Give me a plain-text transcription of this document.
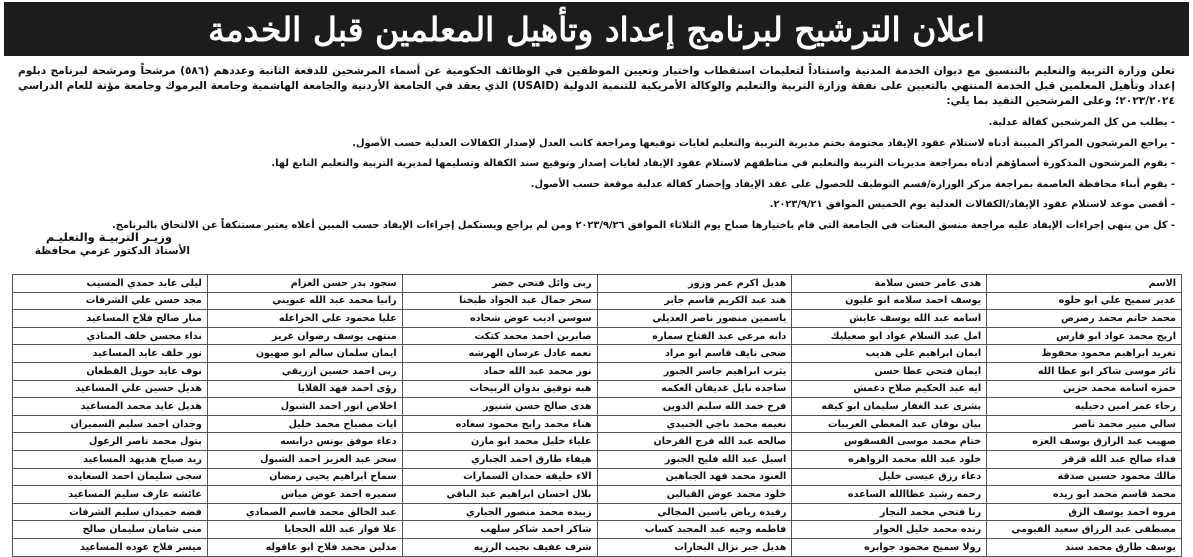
اعلان الترشيح لبرنامج إعداد وتأهيل المعلمين قبل الخدمة

تعلن وزارة التربية والتعليم بالتنسيق مع ديوان الخدمة المدنية واستناداً لتعليمات استقطاب واختيار وتعيين الموظفين في الوظائف الحكومية عن أسماء المرشحين للدفعة الثانية وعددهم (٥٨٦) مرشحاً ومرشحة لبرنامج دبلوم إعداد وتأهيل المعلمين قبل الخدمة المنتهي بالتعيين على نفقة وزارة التربية والتعليم والوكالة الأمريكية للتنمية الدولية (USAID) الذي يعقد في الجامعة الأردنية والجامعة الهاشمية وجامعة اليرموك وجامعة مؤتة للعام الدراسي ٢٠٢٣/٢٠٢٤؛ وعلى المرشحين التقيد بما يلي:

- يطلب من كل المرشحين كفالة عدلية.
- يراجع المرشحون المراكز المبينة أدناه لاستلام عقود الإيفاد مختومة بختم مديرية التربية والتعليم لغايات توقيعها ومراجعة كاتب العدل لإصدار الكفالات العدلية حسب الأصول.
- يقوم المرشحون المذكورة أسماؤهم أدناه بمراجعة مديريات التربية والتعليم في مناطقهم لاستلام عقود الإيفاد لغايات إصدار وتوقيع سند الكفالة وتسليمها لمديرية التربية والتعليم التابع لها.
- يقوم أبناء محافظة العاصمة بمراجعة مركز الوزارة/قسم التوظيف للحصول على عقد الإيفاد وإحضار كفالة عدلية موقعة حسب الأصول.
- أقصى موعد لاستلام عقود الإيفاد/الكفالات العدلية يوم الخميس الموافق ٢٠٢٣/٩/٢١.
- كل من ينهي إجراءات الإيفاد عليه مراجعة منسق البعثات في الجامعة التي قام باختيارها صباح يوم الثلاثاء الموافق ٢٠٢٣/٩/٢٦ ومن لم يراجع ويستكمل إجراءات الإيفاد حسب المبين أعلاه يعتبر مستنكفاً عن الالتحاق بالبرنامج.
وزيـر التربيـة والتعليـم
الأستاذ الدكتور عزمي محافظة
الاسم	هدى عامر حسن سلامة	هديل اكرم عمر وزوز	ربى وائل فتحي خضر	سجود بدر حسن العزام	ليلى عايد حمدي المسيب
غدير سميح علي ابو حلوه	يوسف احمد سلامه ابو غليون	هند عبد الكريم قاسم جابر	سحر جمال عبد الجواد طبخنا	رانيا محمد عبد الله عبويني	مجد حسن علي الشرفات
محمد حاتم محمد رصرص	اسامه عبد الله يوسف عايش	ياسمين منصور ناصر العديلي	سوسن اديب عوض شحاده	عليا محمود علي الخزاعله	منار صالح فلاح المساعيد
اريج محمد عواد ابو فارس	امل عبد السلام عواد ابو صعيليك	دانه مرعي عبد الفتاح سماره	صابرين احمد محمد كتكت	منتهى يوسف رضوان غريز	نداء محسن خلف المناذي
تغريد ابراهيم محمود محفوظ	ايمان ابراهيم علي هديب	ضحى نايف قاسم ابو مراد	نعمه عادل عرسان الهرشه	ايمان سلمان سالم ابو صهيون	نور خلف عايد المساعيد
ثائر موسى شاكر ابو عطا الله	ايمان فتحي عطا حسن	يثرب ابراهيم جاسر الجبور	نور محمد عبد الله حماد	ربى احمد حسين ازريقي	نوف عايد حويل القطعان
حمزه اسامه محمد حزين	ايه عبد الحكيم صلاح دغمش	ساجده نايل غديفان العكمه	هبه توفيق بدوان الربيحات	رؤى احمد فهد القلايا	هديل حسين علي المساعيد
رجاء عمر امين دحيليه	بشرى عبد الغفار سليمان ابو كيفه	فرح حمد الله سليم الدوين	هدى صالح حسن شنيور	اخلاص انور احمد الشبول	هديل عايد محمد المساعيد
سالي منير محمد ناصر	بيان نوفان عبد المعطي العريبات	نعيمه محمد ناجي الجنيدي	هناء محمد رابح محمود سعاده	ايات مصباح محمد خليل	وجدان احمد سليم السميران
صهيب عبد الرازق يوسف العزه	ختام محمد موسى القسقوس	صالحه عبد الله فرج القرحان	علياء خليل محمد ابو مازن	دعاء موفق يونس درابسه	بتول محمد ناصر الزغول
فداء صالح عبد الله قرقز	خلود عبد الله محمد الزواهره	اسيل عبد الله فليح الجبور	هيفاء طارق احمد الجباري	سحر عبد العزيز احمد الشبول	زيد صياح هديهد المساعيد
مالك محمود حسين صدقه	دعاء رزق عيسى خليل	العنود محمد فهد الجباهين	الاء خليفه حمدان السمارات	سماح ابراهيم يحيى رمضان	سجى سليمان احمد السعايده
محمد قاسم محمد ابو ريده	رحمه رشيد عطاالله الساعده	خلود محمد عوض القيالين	بلال احسان ابراهيم عبد الباقي	سميره احمد عوض مياس	عائشه عارف سليم المساعيد
مروه احمد يوسف الزق	رنا فتحي محمد النجار	رفيده رياض ياسين المجالي	زبيده محمد منصور الجباري	عبد الخالق محمد قاسم الصمادي	فضه حميدان سليم الشرفات
مصطفى عبد الرزاق سعيد الفيومي	رنده محمد خليل الخوار	فاطمه وجيه عبد المجيد كساب	شاكر احمد شاكر سلهب	علا فواز عبد الله الحجايا	منى شامان سليمان صالح
يوسف طارق محمد سند	رولا سميح محمود جوابره	هديل جبر نزال البحارات	شرف عفيف نجيب الرزيه	مدلين محمد فلاح ابو عاقوله	ميسر فلاح عوده المساعيد
